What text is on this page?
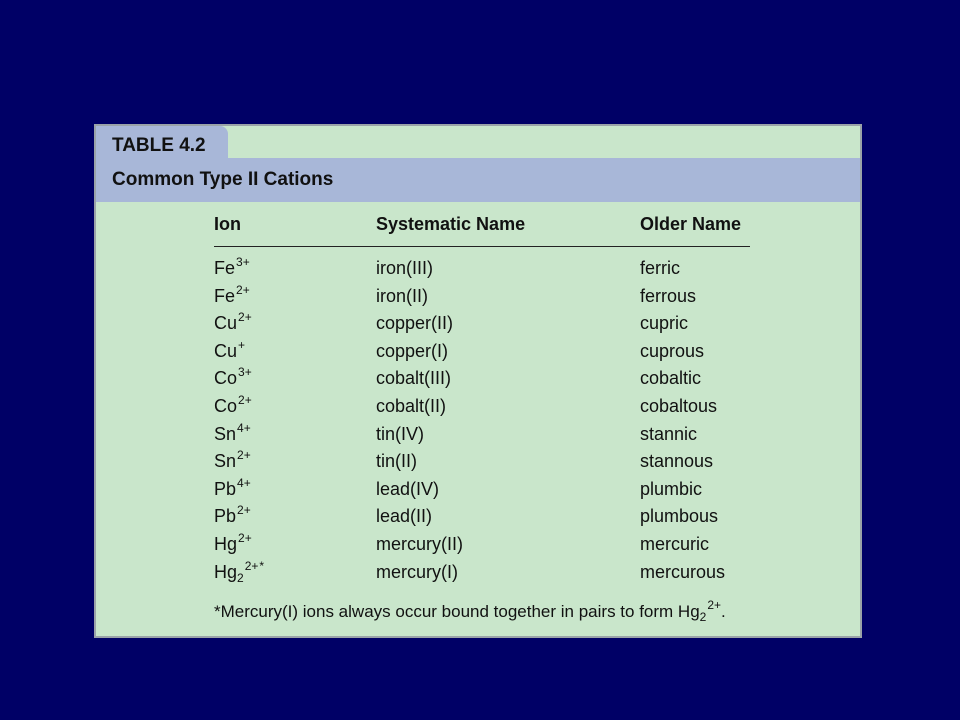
TABLE 4.2
Common Type II Cations
Ion	Systematic Name	Older Name
$Fe^{3+}$	iron(III)	ferric
$Fe^{2+}$	iron(II)	ferrous
$Cu^{2+}$	copper(II)	cupric
Cu+	copper(I)	cuprous
$Co^{3+}$	cobalt(III)	cobaltic
$Co^{2+}$	cobalt(II)	cobaltous
$Sn^{4+}$	tin(IV)	stannic
$Sn^{2+}$	tin(II)	stannous
$Pb^{4+}$	lead(IV)	plumbic
$Pb^{2+}$	lead(II)	plumbous
$Hg^{2+}$	mercury(II)	mercuric
$Hg_2^{2+*}$	mercury(I)	mercurous
*Mercury(I) ions always occur bound together in pairs to form $Hg_2^{2+}$.
